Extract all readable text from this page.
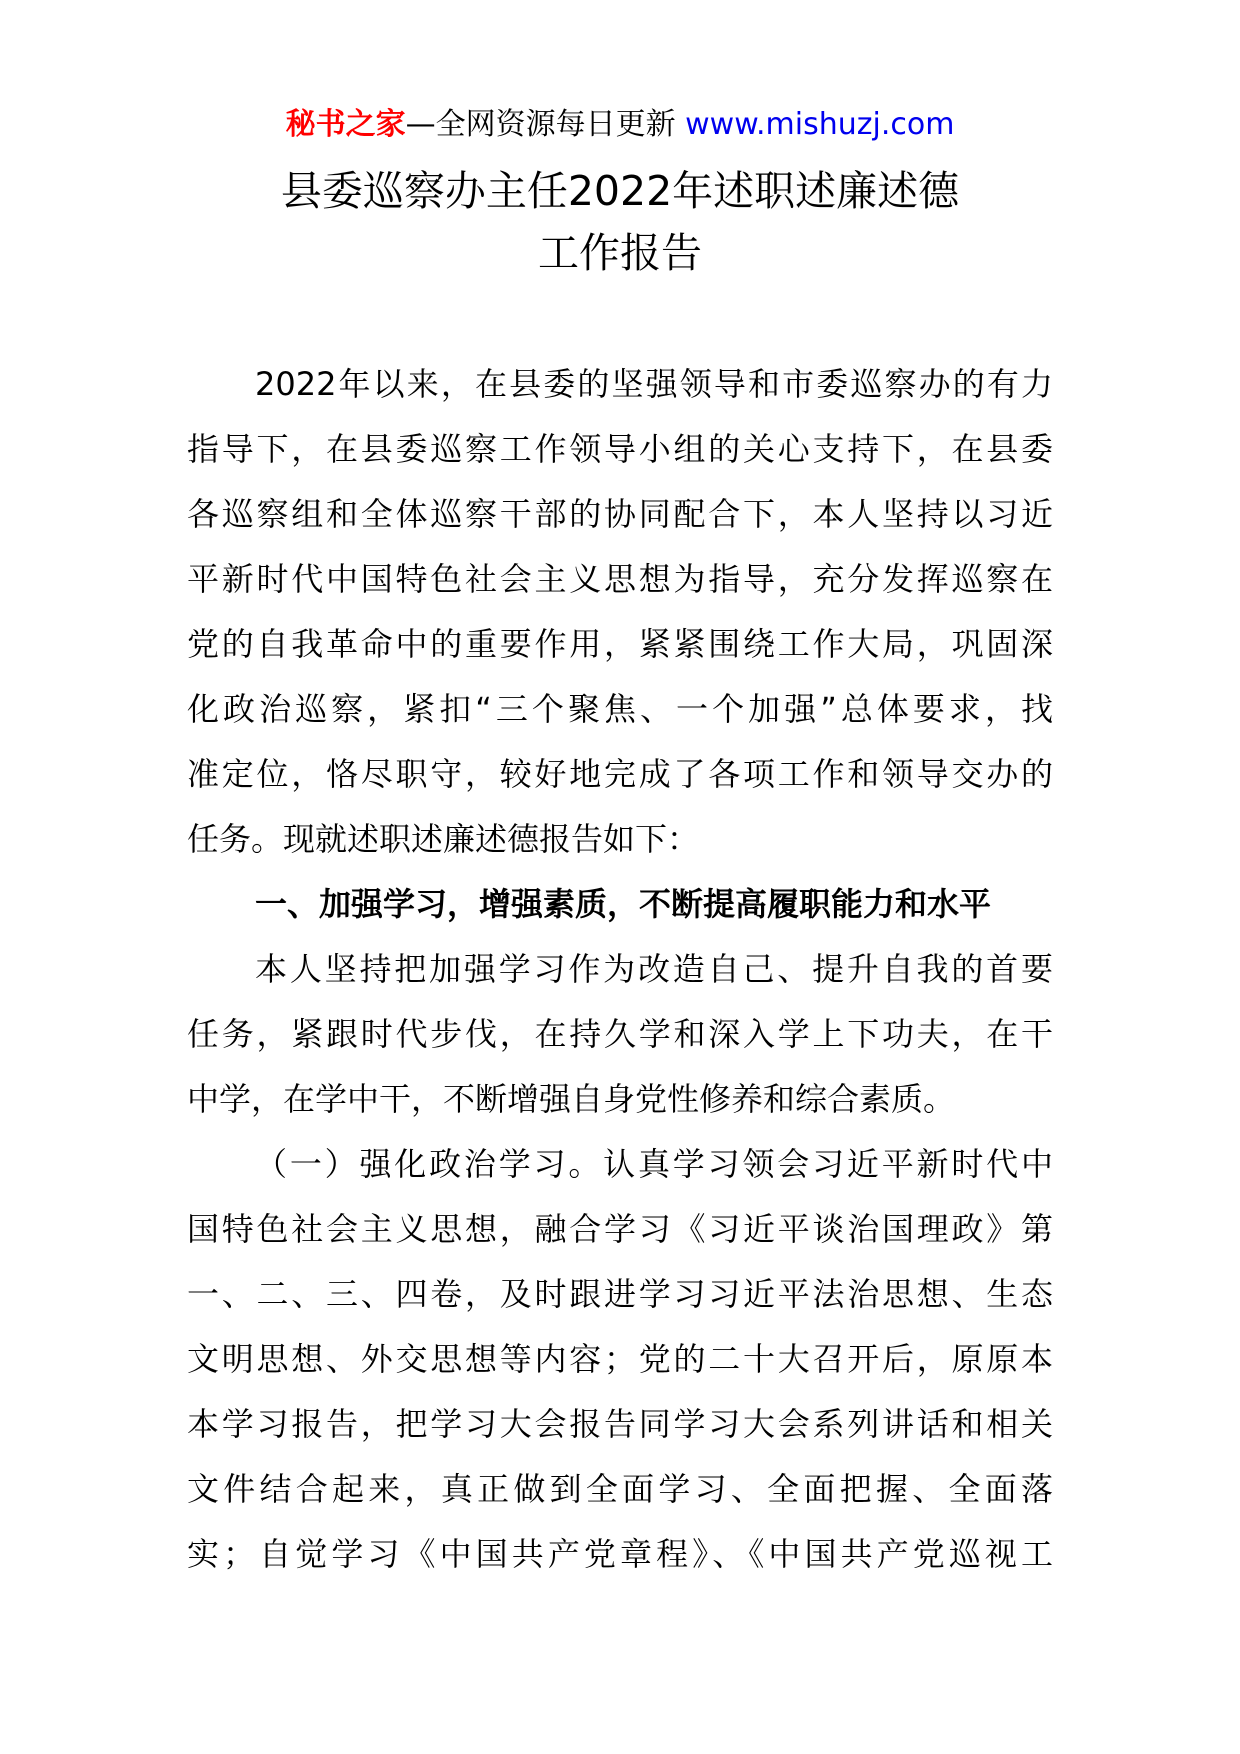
秘书之家—全网资源每日更新 www.mishuzj.com
县委巡察办主任2022年述职述廉述德
工作报告
2022年以来，在县委的坚强领导和市委巡察办的有力
指导下，在县委巡察工作领导小组的关心支持下，在县委
各巡察组和全体巡察干部的协同配合下，本人坚持以习近
平新时代中国特色社会主义思想为指导，充分发挥巡察在
党的自我革命中的重要作用，紧紧围绕工作大局，巩固深
化政治巡察，紧扣“三个聚焦、一个加强”总体要求，找
准定位，恪尽职守，较好地完成了各项工作和领导交办的
任务。现就述职述廉述德报告如下：
一、加强学习，增强素质，不断提高履职能力和水平
本人坚持把加强学习作为改造自己、提升自我的首要
任务，紧跟时代步伐，在持久学和深入学上下功夫，在干
中学，在学中干，不断增强自身党性修养和综合素质。
（一）强化政治学习。认真学习领会习近平新时代中
国特色社会主义思想，融合学习《习近平谈治国理政》第
一、二、三、四卷，及时跟进学习习近平法治思想、生态
文明思想、外交思想等内容；党的二十大召开后，原原本
本学习报告，把学习大会报告同学习大会系列讲话和相关
文件结合起来，真正做到全面学习、全面把握、全面落
实；自觉学习《中国共产党章程》、《中国共产党巡视工
